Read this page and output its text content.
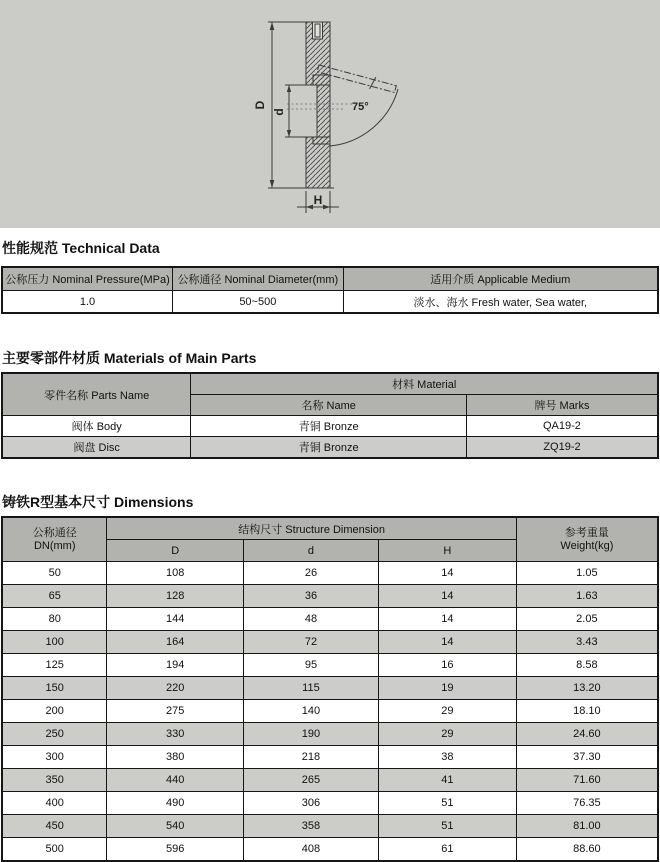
D
d
H
75°
性能规范 Technical Data
公称压力 Nominal Pressure(MPa)	公称通径 Nominal Diameter(mm)	适用介质 Applicable Medium
1.0	50~500	淡水、海水 Fresh water, Sea water,
主要零部件材质 Materials of Main Parts
零件名称 Parts Name	材料 Material	
	名称 Name	牌号 Marks
阀体 Body	青铜 Bronze	QA19-2
阀盘 Disc	青铜 Bronze	ZQ19-2
铸铁R型基本尺寸 Dimensions
公称通径
DN(mm)	结构尺寸 Structure Dimension			参考重量
Weight(kg)

	D	d	H	
50	108	26	14	1.05
65	128	36	14	1.63
80	144	48	14	2.05
100	164	72	14	3.43
125	194	95	16	8.58
150	220	115	19	13.20
200	275	140	29	18.10
250	330	190	29	24.60
300	380	218	38	37.30
350	440	265	41	71.60
400	490	306	51	76.35
450	540	358	51	81.00
500	596	408	61	88.60
